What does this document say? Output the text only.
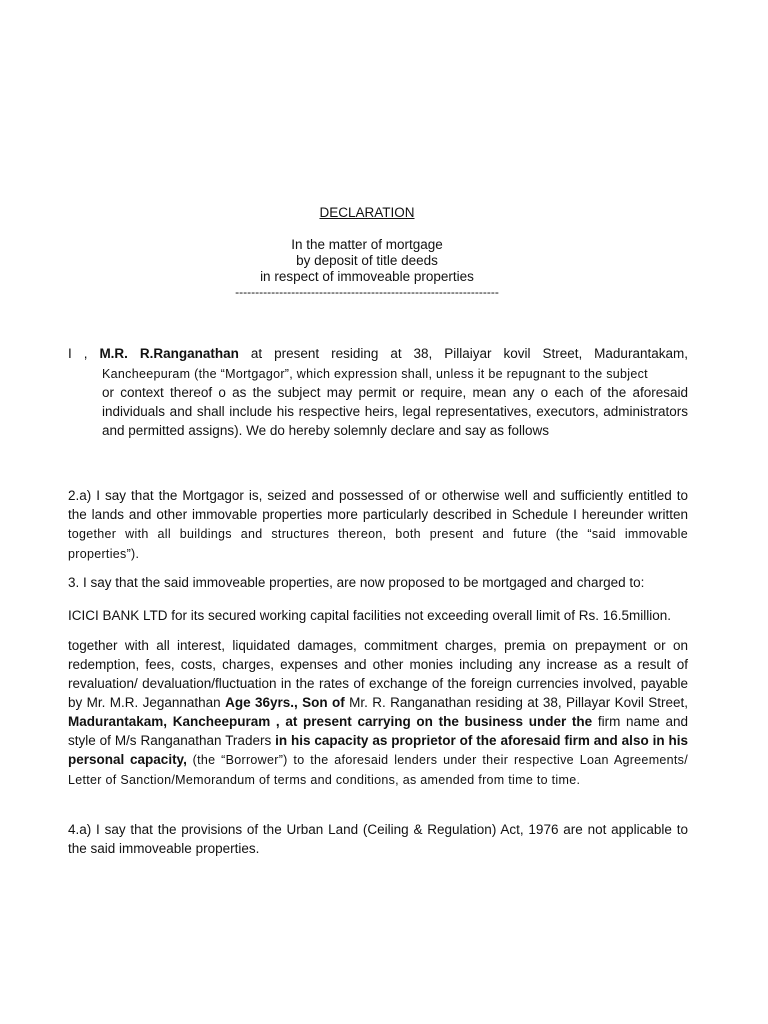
DECLARATION
In the matter of mortgage
by deposit of title deeds
in respect of immoveable properties
------------------------------------------------------------------
I , M.R. R.Ranganathan at present residing at 38, Pillaiyar kovil Street, Madurantakam,
Kancheepuram (the “Mortgagor”, which expression shall, unless it be repugnant to the subject
or context thereof o as the subject may permit or require, mean any o each of the aforesaid individuals and shall include his respective heirs, legal representatives, executors, administrators and permitted assigns). We do hereby solemnly declare and say as follows
2.a) I say that the Mortgagor is, seized and possessed of or otherwise well and sufficiently entitled to the lands and other immovable properties more particularly described in Schedule I hereunder written together with all buildings and structures thereon, both present and future (the “said immovable properties”).
3. I say that the said immoveable properties, are now proposed to be mortgaged and charged to:
ICICI BANK LTD for its secured working capital facilities not exceeding overall limit of Rs. 16.5million.
together with all interest, liquidated damages, commitment charges, premia on prepayment or on redemption, fees, costs, charges, expenses and other monies including any increase as a result of revaluation/ devaluation/fluctuation in the rates of exchange of the foreign currencies involved, payable by Mr. M.R. Jegannathan Age 36yrs., Son of Mr. R. Ranganathan residing at 38, Pillayar Kovil Street, Madurantakam, Kancheepuram , at present carrying on the business under the firm name and style of M/s Ranganathan Traders in his capacity as proprietor of the aforesaid firm and also in his personal capacity, (the “Borrower”) to the aforesaid lenders under their respective Loan Agreements/ Letter of Sanction/Memorandum of terms and conditions, as amended from time to time.
4.a) I say that the provisions of the Urban Land (Ceiling & Regulation) Act, 1976 are not applicable to the said immoveable properties.
